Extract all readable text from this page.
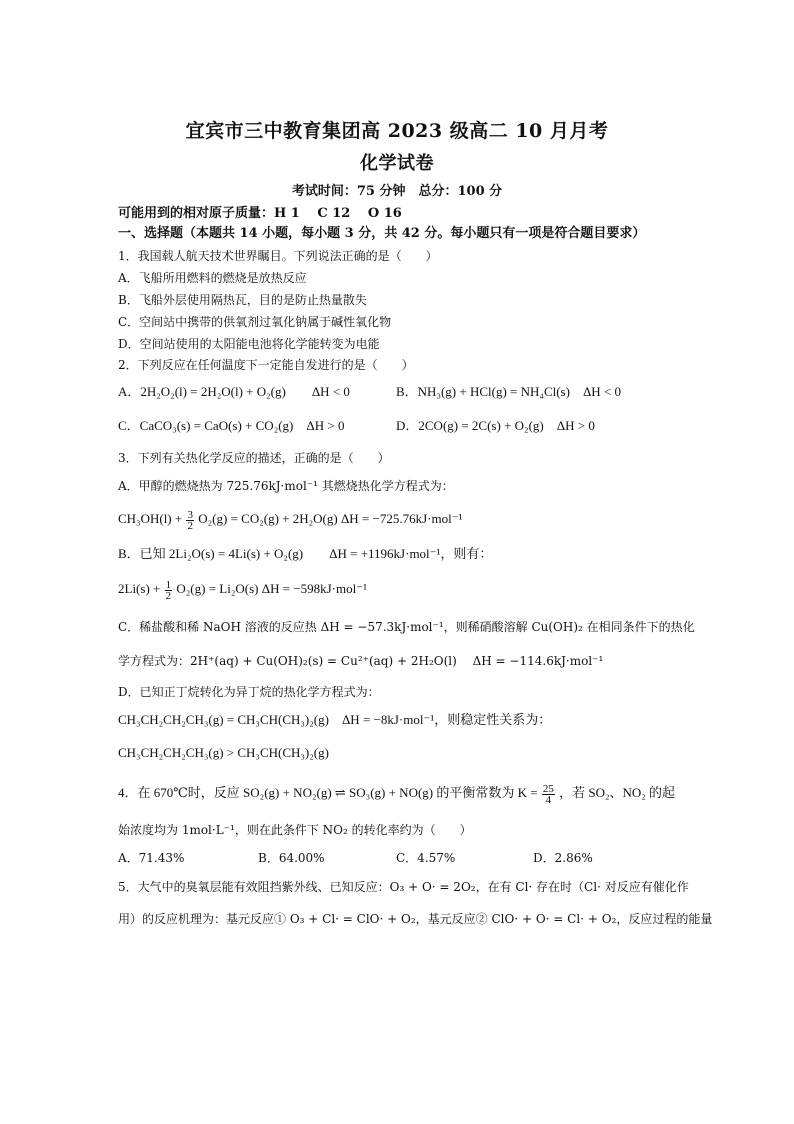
宜宾市三中教育集团高 2023 级高二 10 月月考
化学试卷
考试时间：75 分钟　总分：100 分
可能用到的相对原子质量：H 1　 C 12　 O 16
一、选择题（本题共 14 小题，每小题 3 分，共 42 分。每小题只有一项是符合题目要求）
1．我国载人航天技术世界瞩目。下列说法正确的是（　　）
A．飞船所用燃料的燃烧是放热反应
B．飞船外层使用隔热瓦，目的是防止热量散失
C．空间站中携带的供氧剂过氧化钠属于碱性氧化物
D．空间站使用的太阳能电池将化学能转变为电能
2．下列反应在任何温度下一定能自发进行的是（　　）
A．2H₂O₂(l) = 2H₂O(l) + O₂(g)　　ΔH < 0	B．NH₃(g) + HCl(g) = NH₄Cl(s)　ΔH < 0
C．CaCO₃(s) = CaO(s) + CO₂(g)　ΔH > 0	D．2CO(g) = 2C(s) + O₂(g)　ΔH > 0
3．下列有关热化学反应的描述，正确的是（　　）
A．甲醇的燃烧热为 725.76kJ·mol⁻¹ 其燃烧热化学方程式为：
$CH_3OH(l) + \frac{3}{2} O_2(g) = CO_2(g) + 2H_2O(g) \Delta H = -725.76kJ\cdot mol^{-1}$
B．已知 2Li₂O(s) = 4Li(s) + O₂(g)　　ΔH = +1196kJ·mol⁻¹，则有：
$2Li(s) + \frac{1}{2} O_2(g) = Li_2O(s) \Delta H = -598kJ\cdot mol^{-1}$
C．稀盐酸和稀 NaOH 溶液的反应热 ΔH = −57.3kJ·mol⁻¹，则稀硝酸溶解 Cu(OH)₂ 在相同条件下的热化
学方程式为：2H⁺(aq) + Cu(OH)₂(s) = Cu²⁺(aq) + 2H₂O(l)　 ΔH = −114.6kJ·mol⁻¹
D．已知正丁烷转化为异丁烷的热化学方程式为：
CH₃CH₂CH₂CH₃(g) = CH₃CH(CH₃)₂(g)　ΔH = −8kJ·mol⁻¹，则稳定性关系为：
CH₃CH₂CH₂CH₃(g) > CH₃CH(CH₃)₂(g)
4．在 670℃时，反应 SO₂(g) + NO₂(g) ⇌ SO₃(g) + NO(g) 的平衡常数为 $K = \frac{25}{4}$ ，若 SO₂、NO₂ 的起
始浓度均为 1mol·L⁻¹，则在此条件下 NO₂ 的转化率约为（　　）
A．71.43%	B．64.00%	C．4.57%	D．2.86%
5．大气中的臭氧层能有效阻挡紫外线、已知反应：O₃ + O· = 2O₂，在有 Cl· 存在时（Cl· 对反应有催化作
用）的反应机理为：基元反应① O₃ + Cl· = ClO· + O₂，基元反应② ClO· + O· = Cl· + O₂，反应过程的能量
